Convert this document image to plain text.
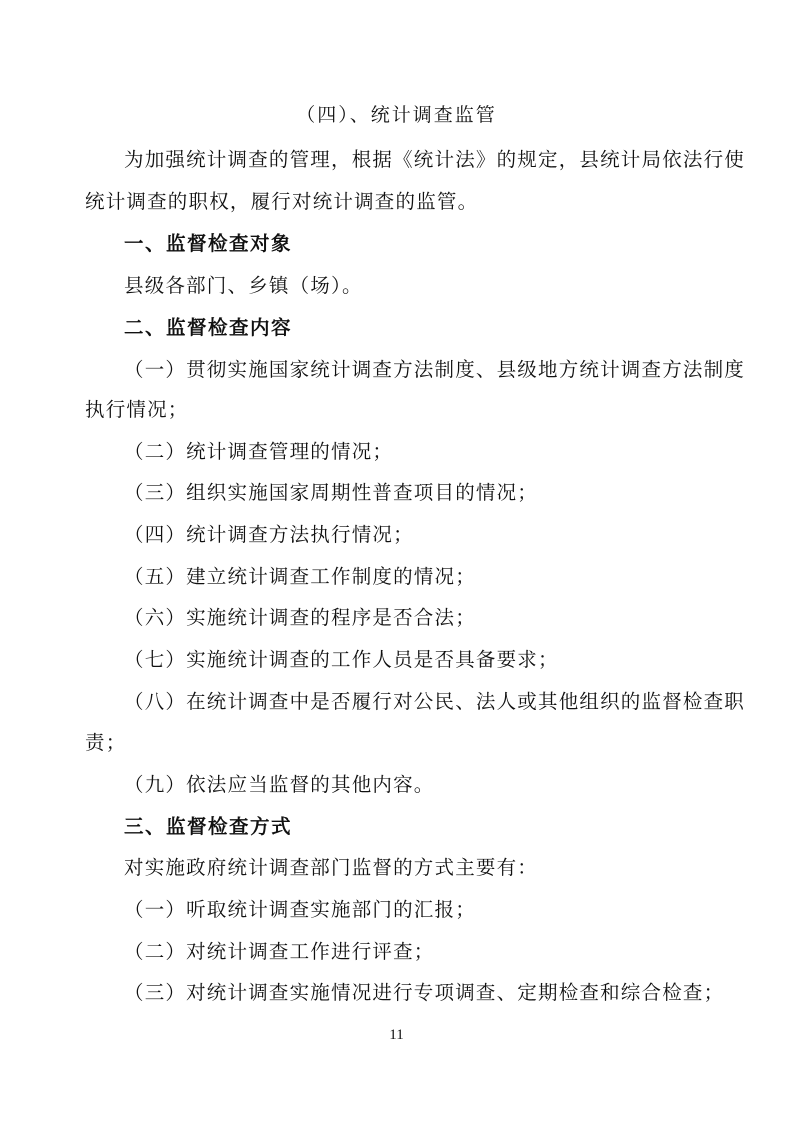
（四）、统计调查监管
为加强统计调查的管理，根据《统计法》的规定，县统计局依法行使
统计调查的职权，履行对统计调查的监管。
一、监督检查对象
县级各部门、乡镇（场）。
二、监督检查内容
（一）贯彻实施国家统计调查方法制度、县级地方统计调查方法制度
执行情况；
（二）统计调查管理的情况；
（三）组织实施国家周期性普查项目的情况；
（四）统计调查方法执行情况；
（五）建立统计调查工作制度的情况；
（六）实施统计调查的程序是否合法；
（七）实施统计调查的工作人员是否具备要求；
（八）在统计调查中是否履行对公民、法人或其他组织的监督检查职
责；
（九）依法应当监督的其他内容。
三、监督检查方式
对实施政府统计调查部门监督的方式主要有：
（一）听取统计调查实施部门的汇报；
（二）对统计调查工作进行评查；
（三）对统计调查实施情况进行专项调查、定期检查和综合检查；
11
